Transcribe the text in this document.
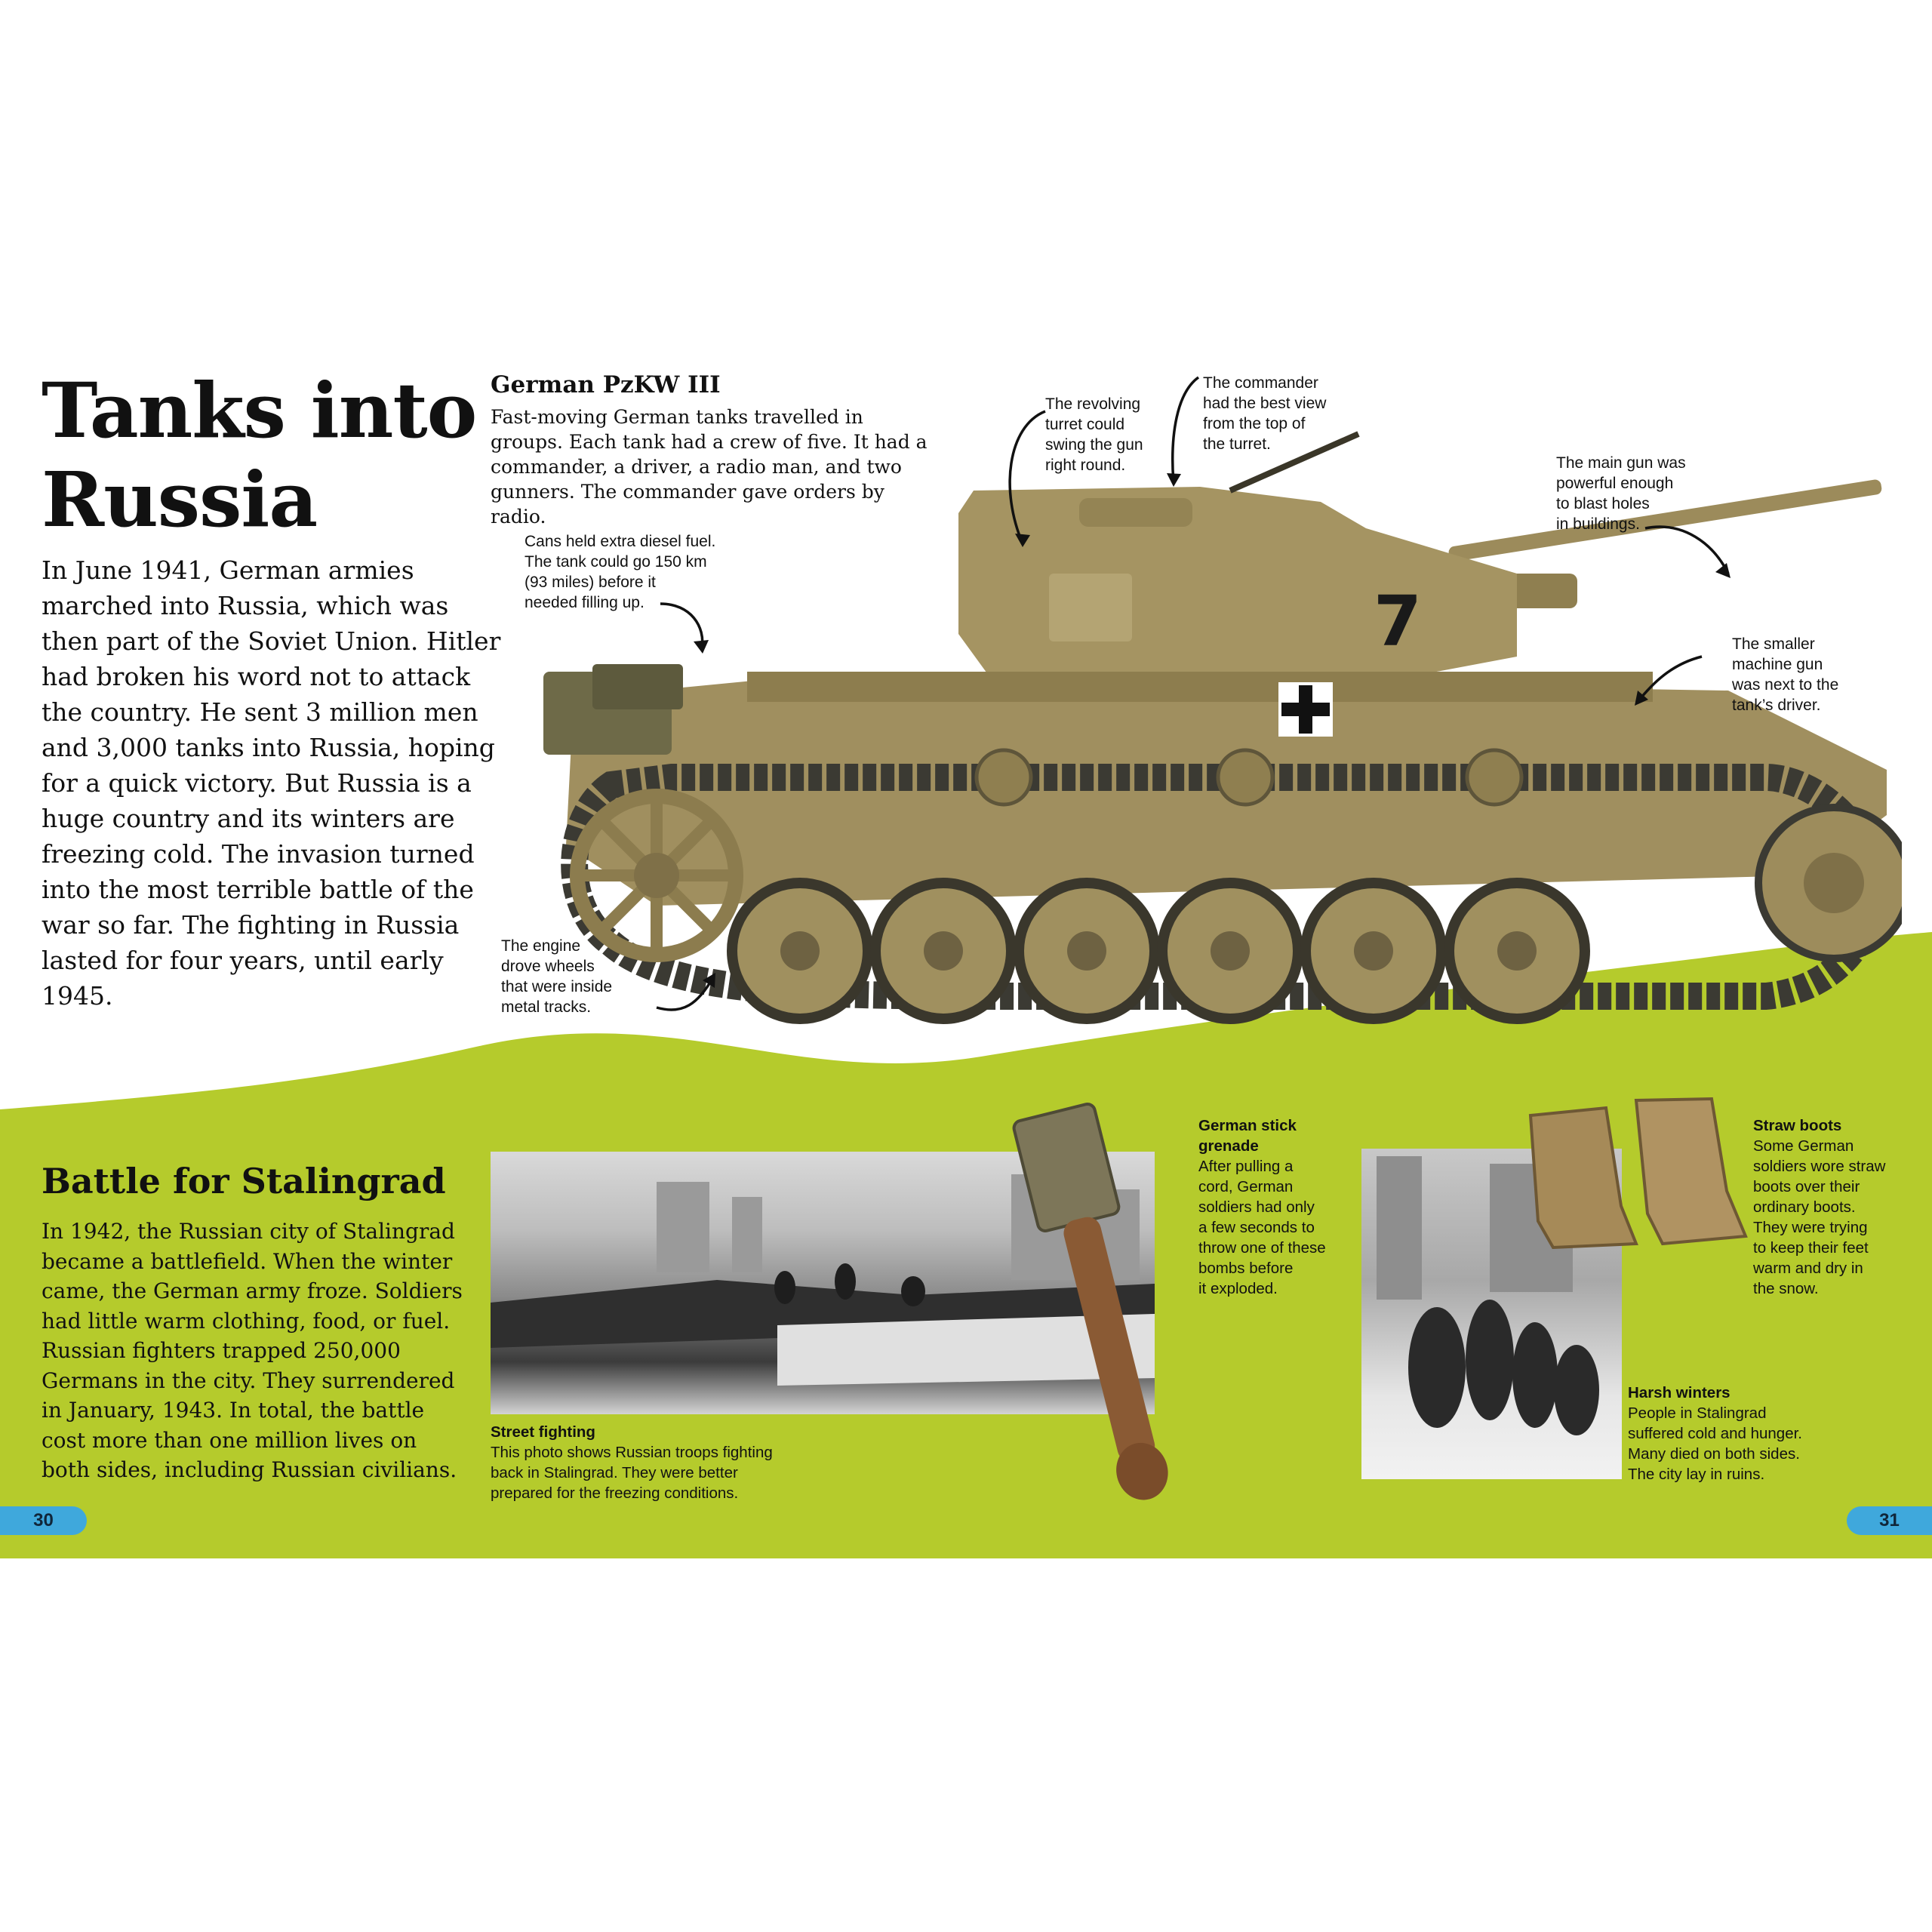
Tanks into
Russia
In June 1941, German armies marched into Russia, which was then part of the Soviet Union. Hitler had broken his word not to attack the country. He sent 3 million men and 3,000 tanks into Russia, hoping for a quick victory. But Russia is a huge country and its winters are freezing cold. The invasion turned into the most terrible battle of the war so far. The fighting in Russia lasted for four years, until early 1945.
German PzKW III
Fast-moving German tanks travelled in groups. Each tank had a crew of five. It had a commander, a driver, a radio man, and two gunners. The commander gave orders by radio.
7
The revolving
turret could
swing the gun
right round.
The commander
had the best view
from the top of
the turret.
The main gun was
powerful enough
to blast holes
in buildings.
Cans held extra diesel fuel.
The tank could go 150 km
(93 miles) before it
needed filling up.
The smaller
machine gun
was next to the
tank’s driver.
The engine
drove wheels
that were inside
metal tracks.
Battle for Stalingrad
In 1942, the Russian city of Stalingrad became a battlefield. When the winter came, the German army froze. Soldiers had little warm clothing, food, or fuel. Russian fighters trapped 250,000 Germans in the city. They surrendered in January, 1943. In total, the battle cost more than one million lives on both sides, including Russian civilians.
Street fighting
This photo shows Russian troops fighting
back in Stalingrad. They were better
prepared for the freezing conditions.
German stick
grenade
After pulling a
cord, German
soldiers had only
a few seconds to
throw one of these
bombs before
it exploded.
Harsh winters
People in Stalingrad
suffered cold and hunger.
Many died on both sides.
The city lay in ruins.
Straw boots
Some German
soldiers wore straw
boots over their
ordinary boots.
They were trying
to keep their feet
warm and dry in
the snow.
30	31
